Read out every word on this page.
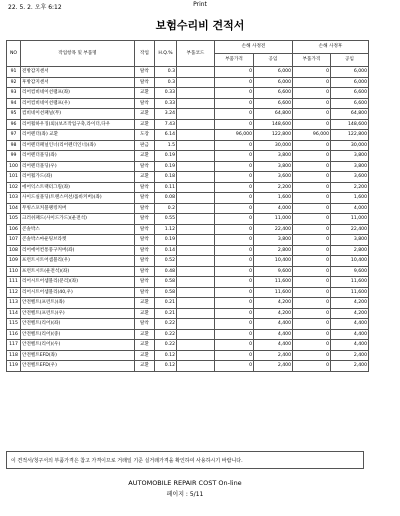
22. 5. 2. 오후 6:12	Print
보험수리비 견적서
NO	작업항목 및 부품명	작업	H.Q.%	부품코드	손해 사정전		손해 사정후	
					부품가격	공임	부품가격	공임
91	전방감지센서	탈착	0.3		0	6,000	0	6,000
92	후방감지센서	탈착	0.3		0	6,000	0	6,000
93	리어컴비네이션램프(좌)	교환	0.33		0	6,600	0	6,600
94	리어컴비네이션램프(우)	탈착	0.33		0	6,600	0	6,600
95	컴비네이션패널(무)	교환	3.24		0	64,800	0	64,800
96	리어휠하우징(외)(보조작업구축,라이더,다우	교환	7.43		0	148,600	0	148,600
97	리어펜더(좌) 교환	도장	6.14		96,000	122,800	96,000	122,800
98	리어펜더패널인너(리어펜더인너)(좌)	판금	1.5		0	30,000	0	30,000
99	리어펜더몰딩(좌)	교환	0.19		0	3,800	0	3,800
100	리어펜더몰딩(우)	탈착	0.19		0	3,800	0	3,800
101	리어휠가드(좌)	교환	0.18		0	3,600	0	3,600
102	에어익스트랙터그릴(좌)	탈착	0.11		0	2,200	0	2,200
103	사이드실몰딩(트랜스미션/롤바커버)(좌)	탈착	0.08		0	1,600	0	1,600
104	무빙스포커블랭킹커버	탈착	0.2		0	4,000	0	4,000
105	크러쉬패드(사이드가드)(운전석)	탈착	0.55		0	11,000	0	11,000
106	콘솔박스	탈착	1.12		0	22,400	0	22,400
107	콘솔박스마운팅브라켓	탈착	0.19		0	3,800	0	3,800
108	리어에어컨통풍구커버(좌)	탈착	0.14		0	2,800	0	2,800
109	프런트시트어셈블리(우)	탈착	0.52		0	10,400	0	10,400
110	프런트시트(운전석)(좌)	탈착	0.48		0	9,600	0	9,600
111	리어시트어셈블리(분리)(좌)	탈착	0.58		0	11,600	0	11,600
112	리어시트어셈블리(40,우)	탈착	0.58		0	11,600	0	11,600
113	안전벨트(프런트)(좌)	교환	0.21		0	4,200	0	4,200
114	안전벨트(프런트)(우)	교환	0.21		0	4,200	0	4,200
115	안전벨트(리어)(좌)	탈착	0.22		0	4,400	0	4,400
116	안전벨트(리어)(중)	교환	0.22		0	4,400	0	4,400
117	안전벨트(리어)(우)	교환	0.22		0	4,400	0	4,400
118	안전벨트EFD(좌)	교환	0.12		0	2,400	0	2,400
119	안전벨트EFD(우)	교환	0.12		0	2,400	0	2,400
이 견적서/청구서의 부품가격은 참고 가격이므로 거래일 기준 실거래가격을 확인하여 사용하시기 바랍니다.
AUTOMOBILE REPAIR COST On-line
페이지 : 5/11
